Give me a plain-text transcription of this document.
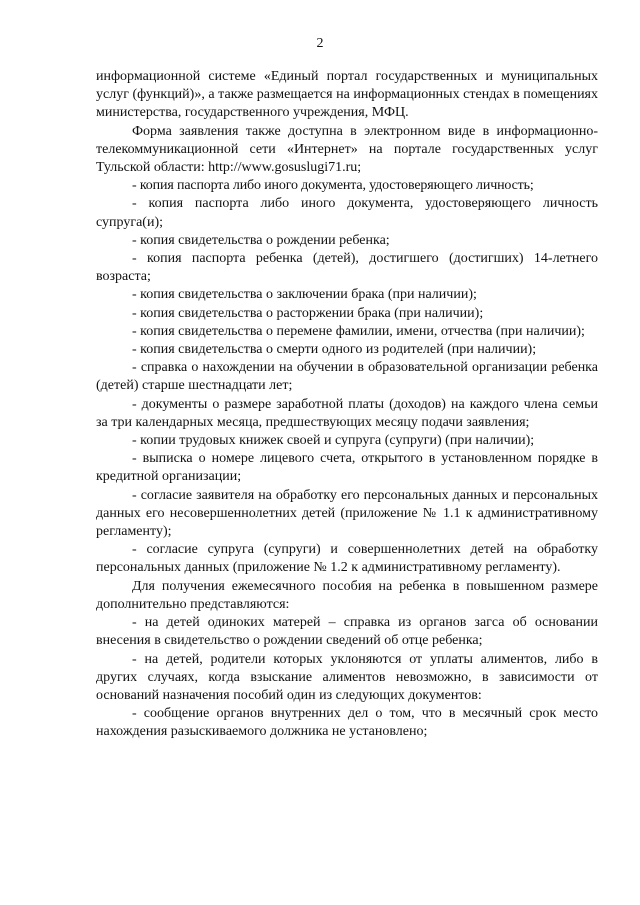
2

информационной системе «Единый портал государственных и муниципальных услуг (функций)», а также размещается на информационных стендах в помещениях министерства, государственного учреждения, МФЦ.

Форма заявления также доступна в электронном виде в информационно-телекоммуникационной сети «Интернет» на портале государственных услуг Тульской области: http://www.gosuslugi71.ru;

- копия паспорта либо иного документа, удостоверяющего личность;

- копия паспорта либо иного документа, удостоверяющего личность супруга(и);

- копия свидетельства о рождении ребенка;

- копия паспорта ребенка (детей), достигшего (достигших) 14-летнего возраста;

- копия свидетельства о заключении брака (при наличии);

- копия свидетельства о расторжении брака (при наличии);

- копия свидетельства о перемене фамилии, имени, отчества (при наличии);

- копия свидетельства о смерти одного из родителей (при наличии);

- справка о нахождении на обучении в образовательной организации ребенка (детей) старше шестнадцати лет;

- документы о размере заработной платы (доходов) на каждого члена семьи за три календарных месяца, предшествующих месяцу подачи заявления;

- копии трудовых книжек своей и супруга (супруги) (при наличии);

- выписка о номере лицевого счета, открытого в установленном порядке в кредитной организации;

- согласие заявителя на обработку его персональных данных и персональных данных его несовершеннолетних детей (приложение № 1.1 к административному регламенту);

- согласие супруга (супруги) и совершеннолетних детей на обработку персональных данных (приложение № 1.2 к административному регламенту).

Для получения ежемесячного пособия на ребенка в повышенном размере дополнительно представляются:

- на детей одиноких матерей – справка из органов загса об основании внесения в свидетельство о рождении сведений об отце ребенка;

- на детей, родители которых уклоняются от уплаты алиментов, либо в других случаях, когда взыскание алиментов невозможно, в зависимости от оснований назначения пособий один из следующих документов:

- сообщение органов внутренних дел о том, что в месячный срок место нахождения разыскиваемого должника не установлено;
